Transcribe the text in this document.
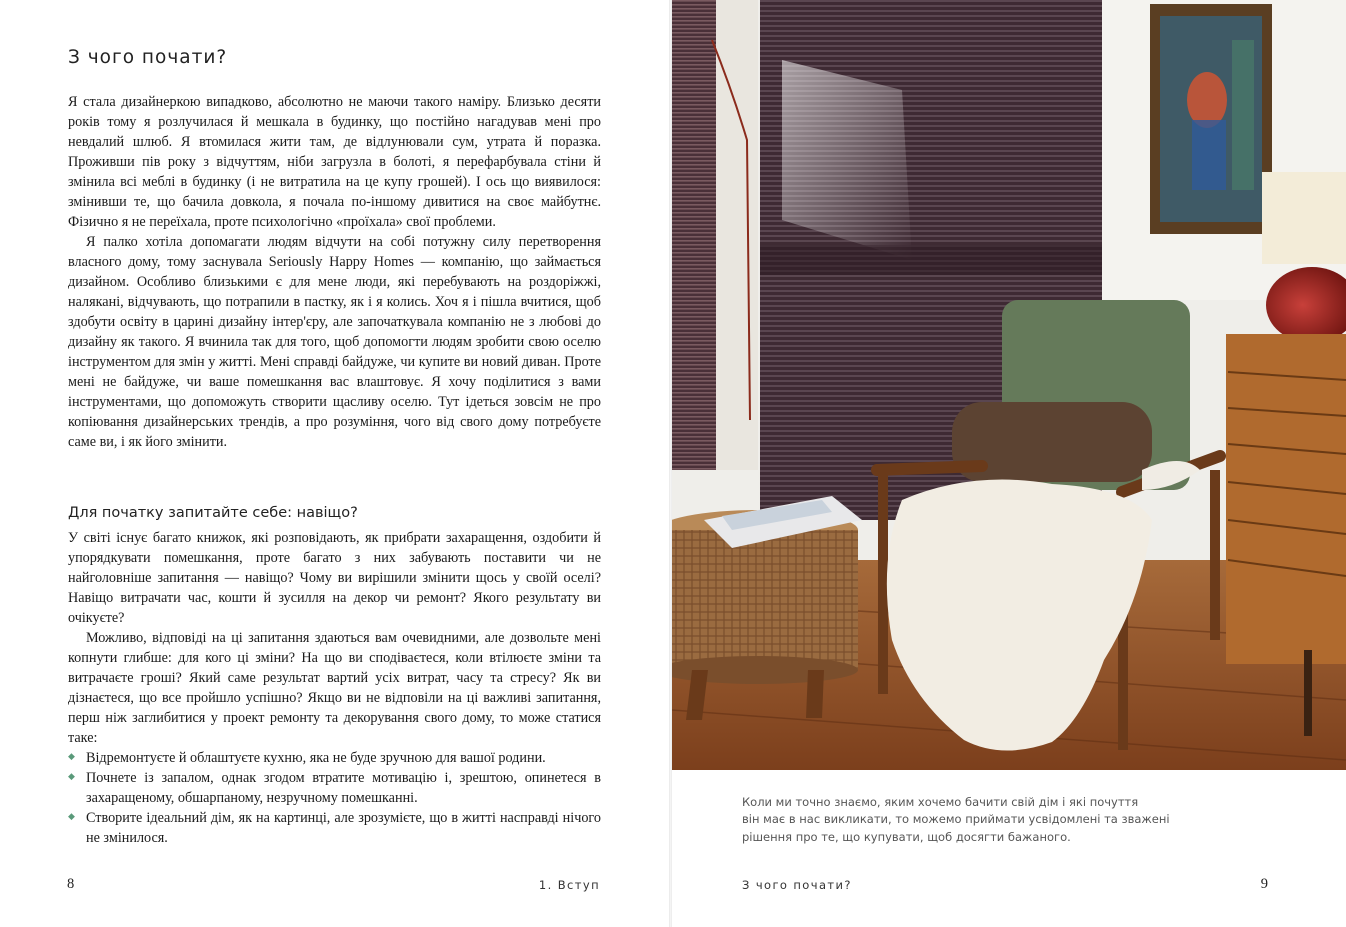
З чого почати?

Я стала дизайнеркою випадково, абсолютно не маючи такого наміру. Близько десяти років тому я розлучилася й мешкала в будинку, що постійно нагадував мені про невдалий шлюб. Я втомилася жити там, де відлунювали сум, утрата й поразка. Проживши пів року з відчуттям, ніби загрузла в болоті, я перефарбувала стіни й змінила всі меблі в будинку (і не витратила на це купу грошей). І ось що виявилося: змінивши те, що бачила довкола, я почала по-іншому дивитися на своє майбутнє. Фізично я не переїхала, проте психологічно «проїхала» свої проблеми.

Я палко хотіла допомагати людям відчути на собі потужну силу перетворення власного дому, тому заснувала Seriously Happy Homes — компанію, що займається дизайном. Особливо близькими є для мене люди, які перебувають на роздоріжжі, налякані, відчувають, що потрапили в пастку, як і я колись. Хоч я і пішла вчитися, щоб здобути освіту в царині дизайну інтер'єру, але започаткувала компанію не з любові до дизайну як такого. Я вчинила так для того, щоб допомогти людям зробити свою оселю інструментом для змін у житті. Мені справді байдуже, чи купите ви новий диван. Проте мені не байдуже, чи ваше помешкання вас влаштовує. Я хочу поділитися з вами інструментами, що допоможуть створити щасливу оселю. Тут ідеться зовсім не про копіювання дизайнерських трендів, а про розуміння, чого від свого дому потребуєте саме ви, і як його змінити.

Для початку запитайте себе: навіщо?

У світі існує багато книжок, які розповідають, як прибрати захаращення, оздобити й упорядкувати помешкання, проте багато з них забувають поставити чи не найголовніше запитання — навіщо? Чому ви вирішили змінити щось у своїй оселі? Навіщо витрачати час, кошти й зусилля на декор чи ремонт? Якого результату ви очікуєте?

Можливо, відповіді на ці запитання здаються вам очевидними, але дозвольте мені копнути глибше: для кого ці зміни? На що ви сподіваєтеся, коли втілюєте зміни та витрачаєте гроші? Який саме результат вартий усіх витрат, часу та стресу? Як ви дізнаєтеся, що все пройшло успішно? Якщо ви не відповіли на ці важливі запитання, перш ніж заглибитися у проект ремонту та декорування свого дому, то може статися таке:

◆ Відремонтуєте й облаштуєте кухню, яка не буде зручною для вашої родини.
◆ Почнете із запалом, однак згодом втратите мотивацію і, зрештою, опинетеся в захаращеному, обшарпаному, незручному помешканні.
◆ Створите ідеальний дім, як на картинці, але зрозумієте, що в житті насправді нічого не змінилося.
8	1. Вступ
Коли ми точно знаємо, яким хочемо бачити свій дім і які почуття
він має в нас викликати, то можемо приймати усвідомлені та зважені
рішення про те, що купувати, щоб досягти бажаного.
З чого почати?	9
